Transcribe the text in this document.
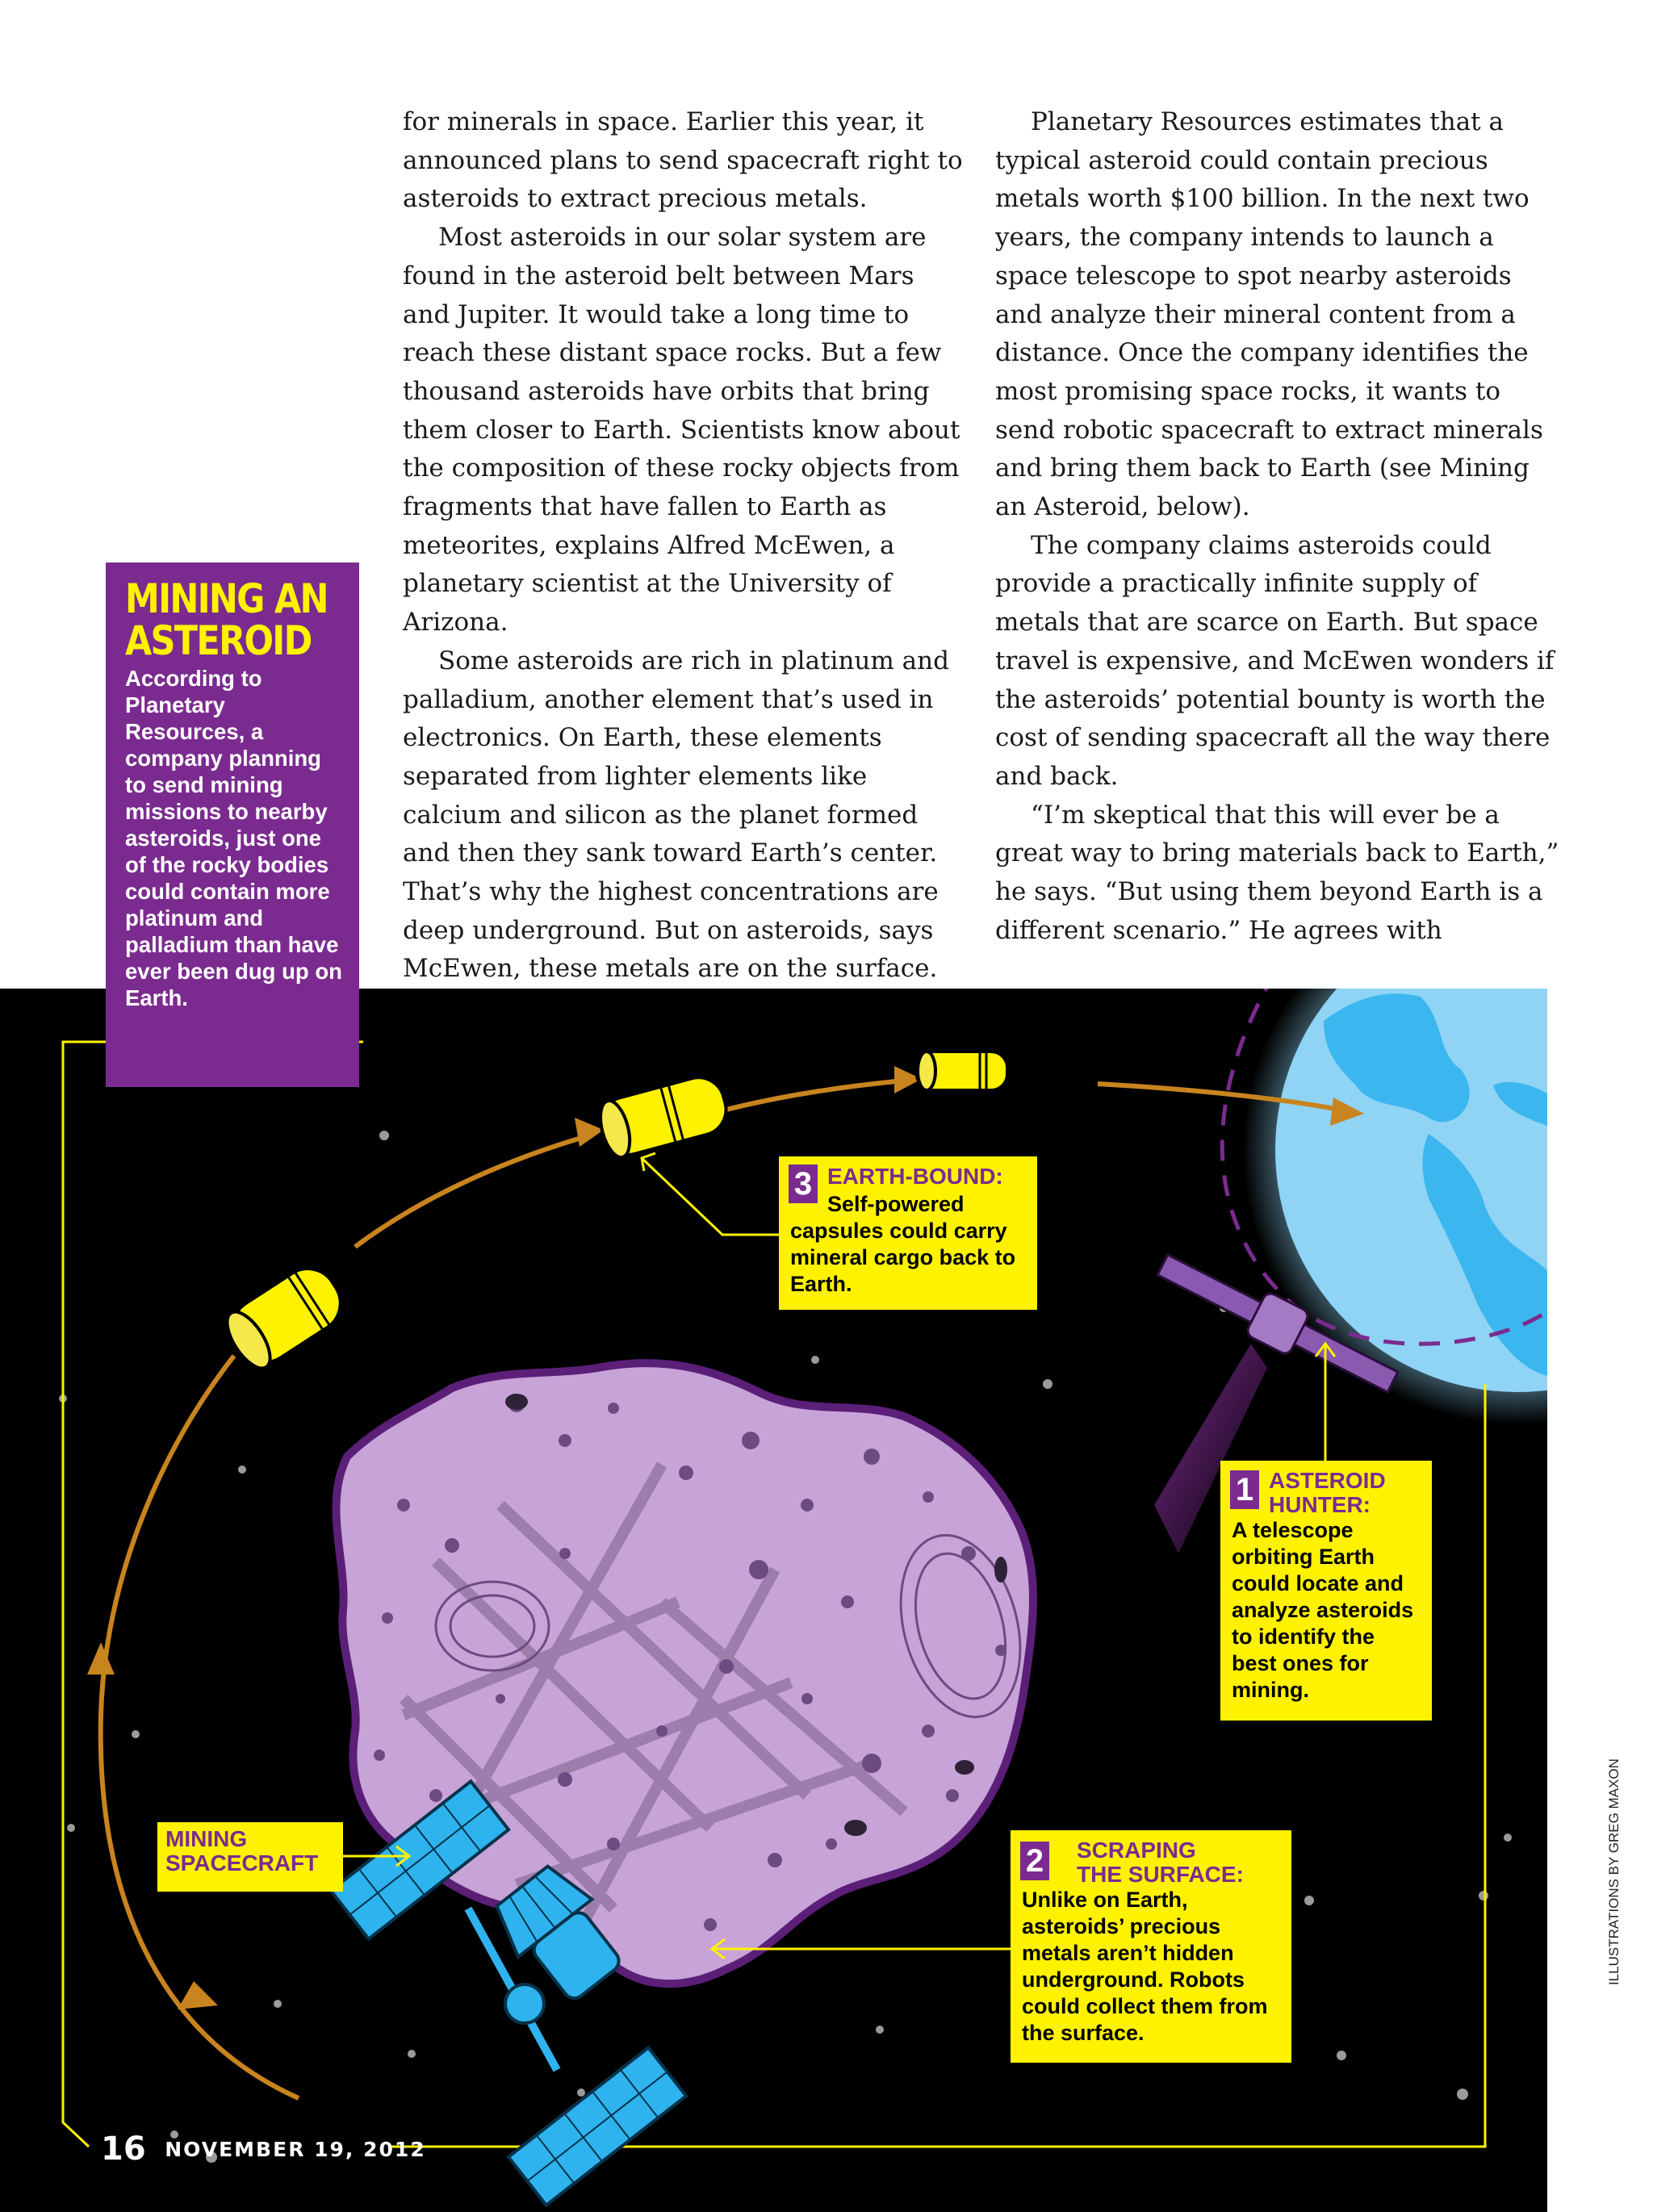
for minerals in space. Earlier this year, it announced plans to send spacecraft right to asteroids to extract precious metals.

Most asteroids in our solar system are found in the asteroid belt between Mars and Jupiter. It would take a long time to reach these distant space rocks. But a few thousand asteroids have orbits that bring them closer to Earth. Scientists know about the composition of these rocky objects from fragments that have fallen to Earth as meteorites, explains Alfred McEwen, a planetary scientist at the University of Arizona.

Some asteroids are rich in platinum and palladium, another element that’s used in electronics. On Earth, these elements separated from lighter elements like calcium and silicon as the planet formed and then they sank toward Earth’s center. That’s why the highest concentrations are deep underground. But on asteroids, says McEwen, these metals are on the surface.

Planetary Resources estimates that a typical asteroid could contain precious metals worth $100 billion. In the next two years, the company intends to launch a space telescope to spot nearby asteroids and analyze their mineral content from a distance. Once the company identifies the most promising space rocks, it wants to send robotic spacecraft to extract minerals and bring them back to Earth (see Mining an Asteroid, below).

The company claims asteroids could provide a practically infinite supply of metals that are scarce on Earth. But space travel is expensive, and McEwen wonders if the asteroids’ potential bounty is worth the cost of sending spacecraft all the way there and back.

“I’m skeptical that this will ever be a great way to bring materials back to Earth,” he says. “But using them beyond Earth is a different scenario.” He agrees with

MINING AN
ASTEROID
According to Planetary Resources, a company planning to send mining missions to nearby asteroids, just one of the rocky bodies could contain more platinum and palladium than have ever been dug up on Earth.
3 EARTH-BOUND:
Self-powered capsules could carry mineral cargo back to Earth.
1 ASTEROID
HUNTER:
A telescope orbiting Earth could locate and analyze asteroids to identify the best ones for mining.
2 SCRAPING
THE SURFACE:
Unlike on Earth, asteroids’ precious metals aren’t hidden underground. Robots could collect them from the surface.
MINING
SPACECRAFT
16 NOVEMBER 19, 2012
ILLUSTRATIONS BY GREG MAXON
